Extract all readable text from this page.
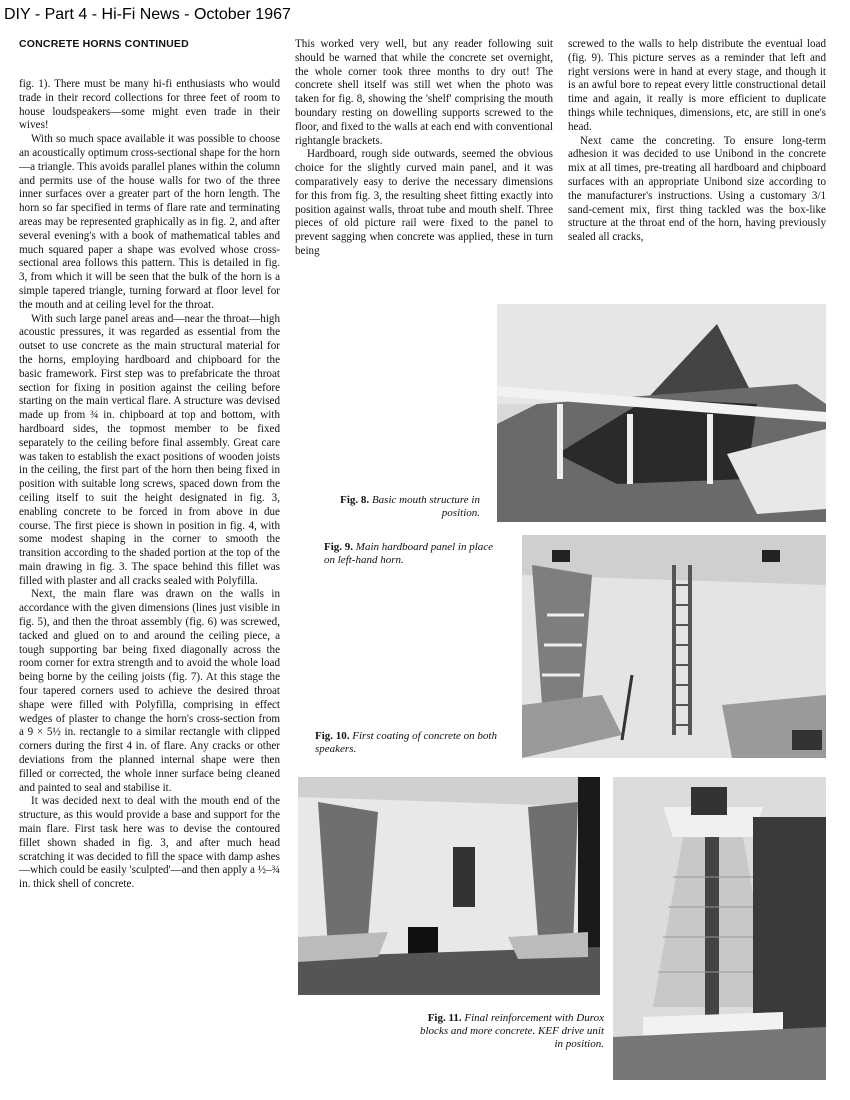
DIY - Part 4 - Hi-Fi News - October 1967
CONCRETE HORNS CONTINUED

fig. 1). There must be many hi-fi enthusiasts who would trade in their record collections for three feet of room to house loudspeakers—some might even trade in their wives!

With so much space available it was possible to choose an acoustically optimum cross-sectional shape for the horn—a triangle. This avoids parallel planes within the column and permits use of the house walls for two of the three inner surfaces over a greater part of the horn length. The horn so far specified in terms of flare rate and terminating areas may be represented graphically as in fig. 2, and after several evening's with a book of mathematical tables and much squared paper a shape was evolved whose cross-sectional area follows this pattern. This is detailed in fig. 3, from which it will be seen that the bulk of the horn is a simple tapered triangle, turning forward at floor level for the mouth and at ceiling level for the throat.

With such large panel areas and—near the throat—high acoustic pressures, it was regarded as essential from the outset to use concrete as the main structural material for the horns, employing hardboard and chipboard for the basic framework. First step was to prefabricate the throat section for fixing in position against the ceiling before starting on the main vertical flare. A structure was devised made up from ¾ in. chipboard at top and bottom, with hardboard sides, the topmost member to be fixed separately to the ceiling before final assembly. Great care was taken to establish the exact positions of wooden joists in the ceiling, the first part of the horn then being fixed in position with suitable long screws, spaced down from the ceiling itself to suit the height designated in fig. 3, enabling concrete to be forced in from above in due course. The first piece is shown in position in fig. 4, with some modest shaping in the corner to smooth the transition according to the shaded portion at the top of the main drawing in fig. 3. The space behind this fillet was filled with plaster and all cracks sealed with Polyfilla.

Next, the main flare was drawn on the walls in accordance with the given dimensions (lines just visible in fig. 5), and then the throat assembly (fig. 6) was screwed, tacked and glued on to and around the ceiling piece, a tough supporting bar being fixed diagonally across the room corner for extra strength and to avoid the whole load being borne by the ceiling joists (fig. 7). At this stage the four tapered corners used to achieve the desired throat shape were filled with Polyfilla, comprising in effect wedges of plaster to change the horn's cross-section from a 9 × 5½ in. rectangle to a similar rectangle with clipped corners during the first 4 in. of flare. Any cracks or other deviations from the planned internal shape were then filled or corrected, the whole inner surface being cleaned and painted to seal and stabilise it.

It was decided next to deal with the mouth end of the structure, as this would provide a base and support for the main flare. First task here was to devise the contoured fillet shown shaded in fig. 3, and after much head scratching it was decided to fill the space with damp ashes—which could be easily 'sculpted'—and then apply a ½–¾ in. thick shell of concrete.

This worked very well, but any reader following suit should be warned that while the concrete set overnight, the whole corner took three months to dry out! The concrete shell itself was still wet when the photo was taken for fig. 8, showing the 'shelf' comprising the mouth boundary resting on dowelling supports screwed to the floor, and fixed to the walls at each end with conventional rightangle brackets.

Hardboard, rough side outwards, seemed the obvious choice for the slightly curved main panel, and it was comparatively easy to derive the necessary dimensions for this from fig. 3, the resulting sheet fitting exactly into position against walls, throat tube and mouth shelf. Three pieces of old picture rail were fixed to the panel to prevent sagging when concrete was applied, these in turn being

screwed to the walls to help distribute the eventual load (fig. 9). This picture serves as a reminder that left and right versions were in hand at every stage, and though it is an awful bore to repeat every little constructional detail time and again, it really is more efficient to duplicate things while techniques, dimensions, etc, are still in one's head.

Next came the concreting. To ensure long-term adhesion it was decided to use Unibond in the concrete mix at all times, pre-treating all hardboard and chipboard surfaces with an appropriate Unibond size according to the manufacturer's instructions. Using a customary 3/1 sand-cement mix, first thing tackled was the box-like structure at the throat end of the horn, having previously sealed all cracks,

Fig. 8. Basic mouth structure in position.
Fig. 9. Main hardboard panel in place on left-hand horn.
Fig. 10. First coating of concrete on both speakers.
Fig. 11. Final reinforcement with Durox blocks and more concrete. KEF drive unit in position.
